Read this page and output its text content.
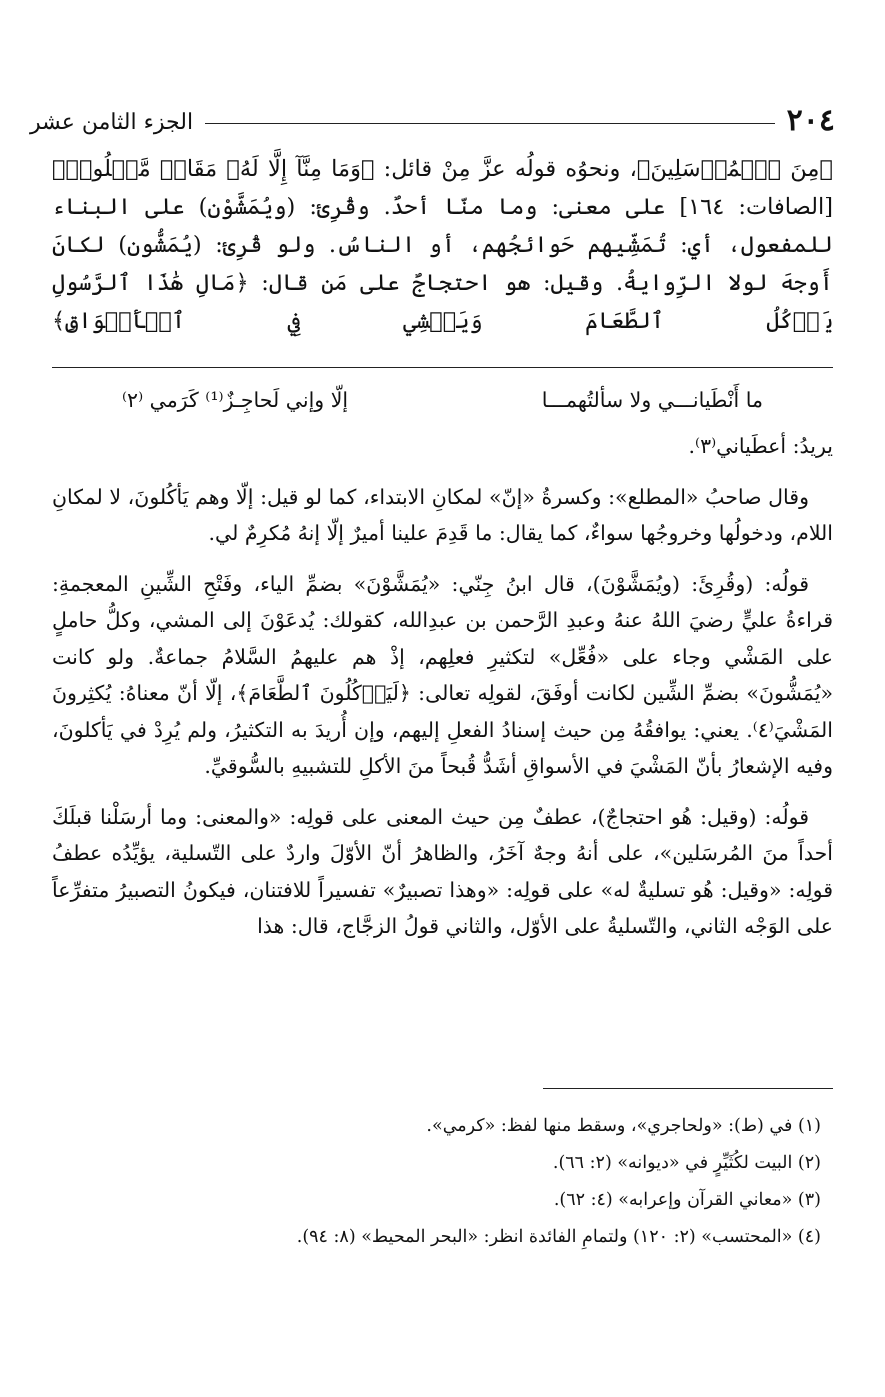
٢٠٤
الجزء الثامن عشر

﴿مِنَ ٱلۡمُرۡسَلِينَ﴾، ونحوُه قولُه عزَّ مِنْ قائل: ﴿وَمَا مِنَّآ إِلَّا لَهُۥ مَقَامٞ مَّعۡلُومٞ﴾ [الصافات: ١٦٤] على معنى: وما منّا أحدٌ. وقُرِئ: (ويُمَشَّوْن) على البناء للمفعول، أي: تُمَشِّيهم حَوائجُهم، أو الناسُ. ولو قُرِئ: (يُمَشُّون) لكانَ أَوجهَ لولا الرِّوايةُ. وقيل: هو احتجاجٌ على مَن قال: ﴿مَالِ هَٰذَا ٱلرَّسُولِ يَأۡكُلُ ٱلطَّعَامَ وَيَمۡشِي فِي ٱلۡأَسۡوَاقِ﴾

ما أَنْطَيانـــي ولا سألتُهمـــا
إلّا وإني لَحاجِـزٌ⁽¹⁾ كَرَمي ⁽٢⁾

يريدُ: أعطَياني⁽٣⁾.

وقال صاحبُ «المطلع»: وكسرةُ «إنّ» لمكانِ الابتداء، كما لو قيل: إلّا وهم يَأكُلونَ، لا لمكانِ اللام، ودخولُها وخروجُها سواءٌ، كما يقال: ما قَدِمَ علينا أميرٌ إلّا إنهُ مُكرِمٌ لي.

قولُه: (وقُرِئَ: (ويُمَشَّوْنَ)، قال ابنُ جِنّي: «يُمَشَّوْنَ» بضمِّ الياء، وفَتْحِ الشِّينِ المعجمةِ: قراءةُ عليٍّ رضيَ اللهُ عنهُ وعبدِ الرَّحمن بن عبدِالله، كقولك: يُدعَوْنَ إلى المشي، وكلُّ حاملٍ على المَشْي وجاء على «فُعِّل» لتكثيرِ فعلِهم، إذْ هم عليهمُ السَّلامُ جماعةٌ. ولو كانت «يُمَشُّونَ» بضمِّ الشِّين لكانت أوفَقَ، لقولِه تعالى: ﴿لَيَأۡكُلُونَ ٱلطَّعَامَ﴾، إلّا أنّ معناهُ: يُكثِرونَ المَشْيَ⁽٤⁾. يعني: يوافقُهُ مِن حيث إسنادُ الفعلِ إليهم، وإن أُريدَ به التكثيرُ، ولم يُرِدْ في يَأكلونَ، وفيه الإشعارُ بأنّ المَشْيَ في الأسواقِ أشَدُّ قُبحاً منَ الأكلِ للتشبيهِ بالسُّوقيِّ.

قولُه: (وقيل: هُو احتجاجٌ)، عطفٌ مِن حيث المعنى على قولِه: «والمعنى: وما أرسَلْنا قبلَكَ أحداً منَ المُرسَلين»، على أنهُ وجهٌ آخَرُ، والظاهرُ أنّ الأوّلَ واردٌ على التّسلية، يؤيِّدُه عطفُ قولِه: «وقيل: هُو تسليةٌ له» على قولِه: «وهذا تصبيرٌ» تفسيراً للافتنان، فيكونُ التصبيرُ متفرِّعاً على الوَجْه الثاني، والتّسليةُ على الأوّل، والثاني قولُ الزجَّاج، قال: هذا

(١) في (ط): «ولحاجري»، وسقط منها لفظ: «كرمي».
(٢) البيت لكُثَيِّرٍ في «ديوانه» (٢: ٦٦).
(٣) «معاني القرآن وإعرابه» (٤: ٦٢).
(٤) «المحتسب» (٢: ١٢٠) ولتمامِ الفائدة انظر: «البحر المحيط» (٨: ٩٤).
